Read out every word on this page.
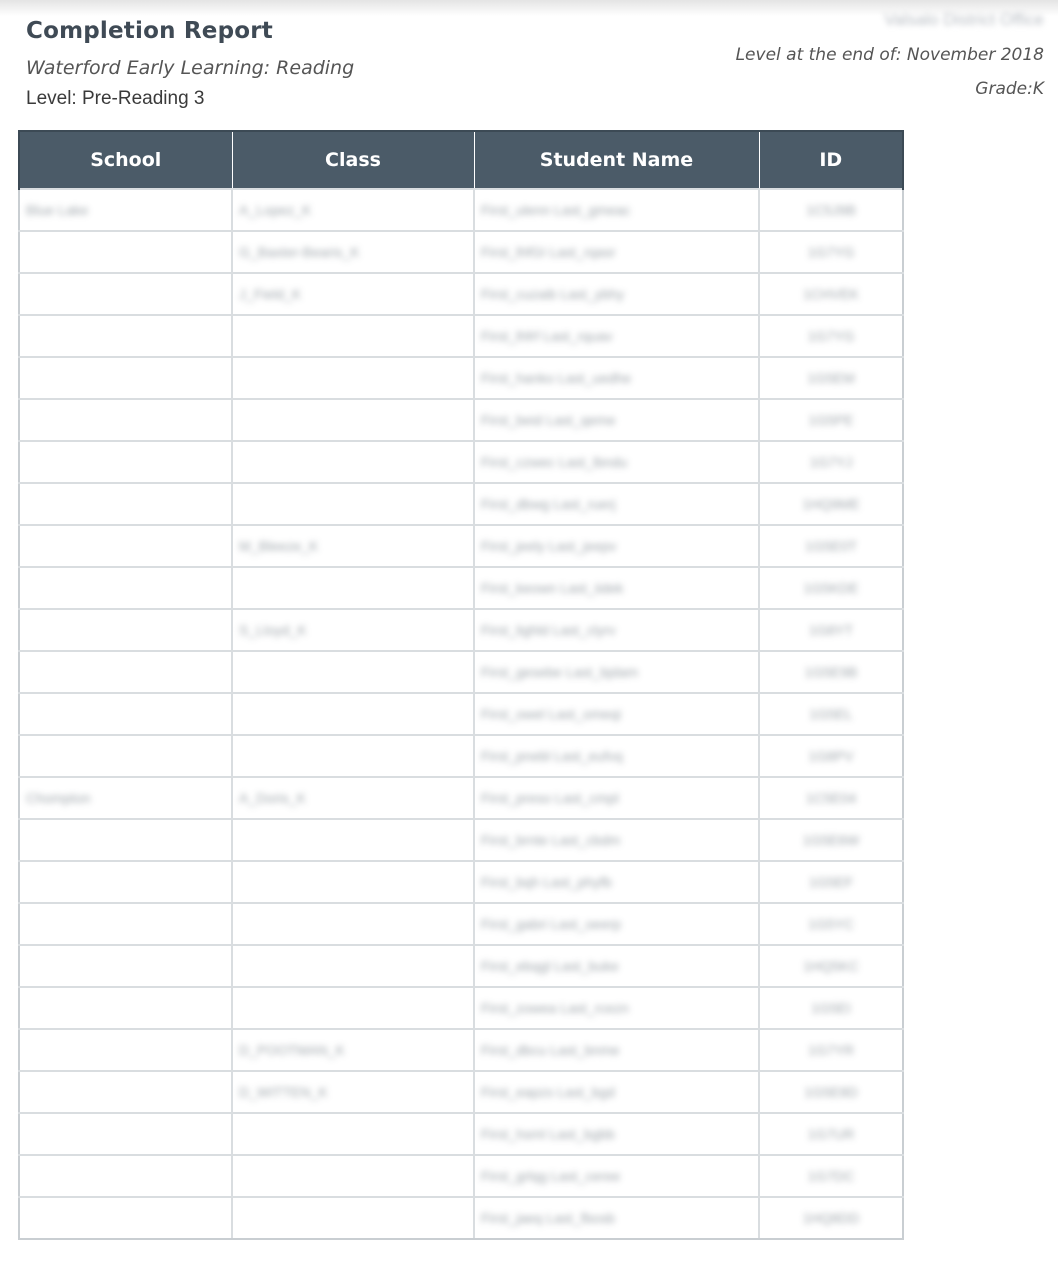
Completion Report
Waterford Early Learning: Reading
Level: Pre-Reading 3
Valsalo District Office
Level at the end of: November 2018
Grade:K
School	Class	Student Name	ID
Blue Lake	A_Lopez_K	First_ulenn Last_gmeac	1C5J9B
	G_Baxter-Bearis_K	First_lhfGI Last_rqasr	1G7YG
	J_Field_K	First_cuzaib Last_ybhy	1CHVEK
		First_lhfrf Last_rquav	1G7YG
		First_hanko Last_uedhe	1G5EM
		First_beid Last_qeme	1G5PE
		First_czwec Last_lbndu	1G7YJ
		First_dbwg Last_ruerj	1HQ9ME
	M_Bleeze_K	First_jeely Last_jeepv	1G5E0T
		First_keown Last_iidek	1G5KDE
	S_Lloyd_K	First_lighld Last_clyrv	1G8YT
		First_gesebe Last_bjdam	1G5E9B
		First_owel Last_omeqi	1G5EL
		First_pnebl Last_eufvq	1G8PV
Chompton	A_Doris_K	First_preso Last_cmpl	1C5E04
		First_brnte Last_cbdm	1G5E6W
		First_bqh Last_phyfb	1G5EF
		First_gabri Last_oeerp	1G5YC
		First_ebqgl Last_buke	1HQ5KC
		First_zowea Last_rcezn	1G5EI
	D_POOTMAN_K	First_dbcu Last_bnme	1G7YR
	D_WITTEN_K	First_eapzs Last_bgd	1G5E8D
		First_hsml Last_bgbb	1G7UR
		First_grlqg Last_ceree	1G7DC
		First_jaeq Last_fbosb	1HQ8DD
